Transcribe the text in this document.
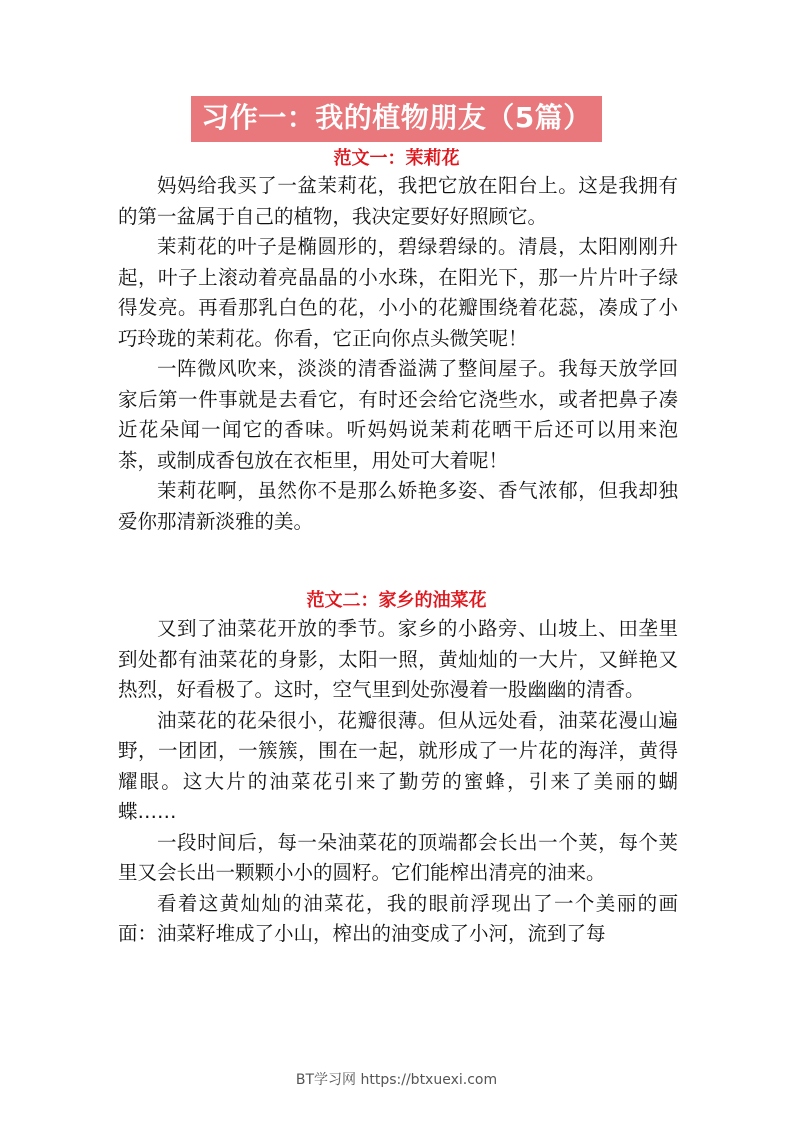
习作一：我的植物朋友（5篇）
范文一：茉莉花

妈妈给我买了一盆茉莉花，我把它放在阳台上。这是我拥有的第一盆属于自己的植物，我决定要好好照顾它。

茉莉花的叶子是椭圆形的，碧绿碧绿的。清晨，太阳刚刚升起，叶子上滚动着亮晶晶的小水珠，在阳光下，那一片片叶子绿得发亮。再看那乳白色的花，小小的花瓣围绕着花蕊，凑成了小巧玲珑的茉莉花。你看，它正向你点头微笑呢！

一阵微风吹来，淡淡的清香溢满了整间屋子。我每天放学回家后第一件事就是去看它，有时还会给它浇些水，或者把鼻子凑近花朵闻一闻它的香味。听妈妈说茉莉花晒干后还可以用来泡茶，或制成香包放在衣柜里，用处可大着呢！

茉莉花啊，虽然你不是那么娇艳多姿、香气浓郁，但我却独爱你那清新淡雅的美。

范文二：家乡的油菜花

又到了油菜花开放的季节。家乡的小路旁、山坡上、田垄里到处都有油菜花的身影，太阳一照，黄灿灿的一大片，又鲜艳又热烈，好看极了。这时，空气里到处弥漫着一股幽幽的清香。

油菜花的花朵很小，花瓣很薄。但从远处看，油菜花漫山遍野，一团团，一簇簇，围在一起，就形成了一片花的海洋，黄得耀眼。这大片的油菜花引来了勤劳的蜜蜂，引来了美丽的蝴蝶……

一段时间后，每一朵油菜花的顶端都会长出一个荚，每个荚里又会长出一颗颗小小的圆籽。它们能榨出清亮的油来。

看着这黄灿灿的油菜花，我的眼前浮现出了一个美丽的画面：油菜籽堆成了小山，榨出的油变成了小河，流到了每

BT学习网 https://btxuexi.com
